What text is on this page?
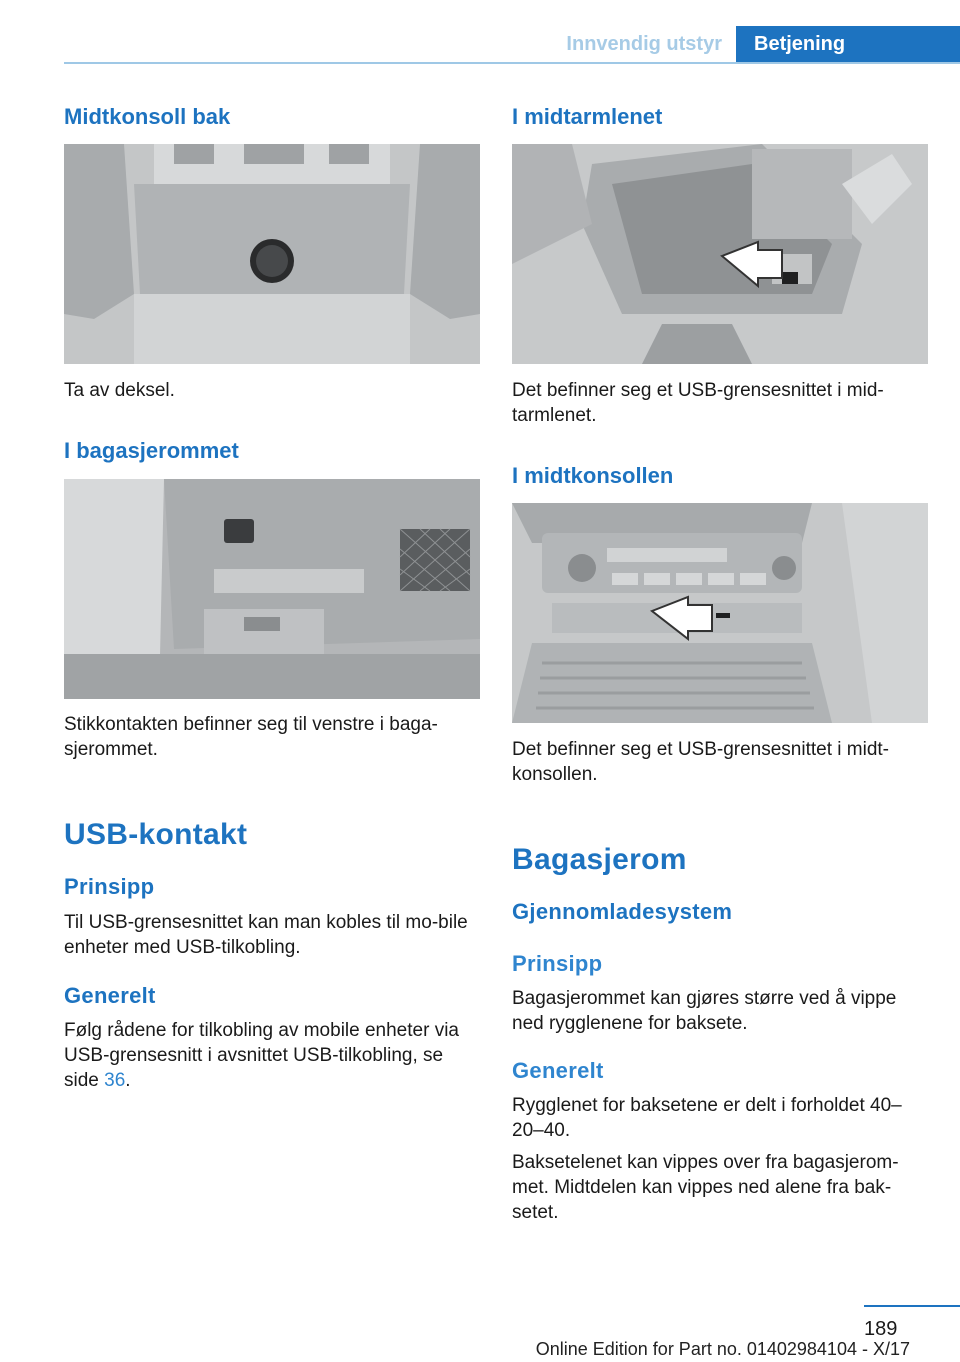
Innvendig utstyr	Betjening
Midtkonsoll bak

Ta av deksel.

I bagasjerommet

Stikkontakten befinner seg til venstre i baga-sjerommet.

USB-kontakt
Prinsipp

Til USB-grensesnittet kan man kobles til mo-bile enheter med USB-tilkobling.

Generelt

Følg rådene for tilkobling av mobile enheter via USB-grensesnitt i avsnittet USB-tilkobling, se side 36.

I midtarmlenet

Det befinner seg et USB-grensesnittet i mid-tarmlenet.

I midtkonsollen

Det befinner seg et USB-grensesnittet i midt-konsollen.

Bagasjerom
Gjennomladesystem
Prinsipp

Bagasjerommet kan gjøres større ved å vippe ned rygglenene for baksete.

Generelt

Rygglenet for baksetene er delt i forholdet 40–20–40.

Baksetelenet kan vippes over fra bagasjerom-met. Midtdelen kan vippes ned alene fra bak-setet.

189
Online Edition for Part no. 01402984104 - X/17
